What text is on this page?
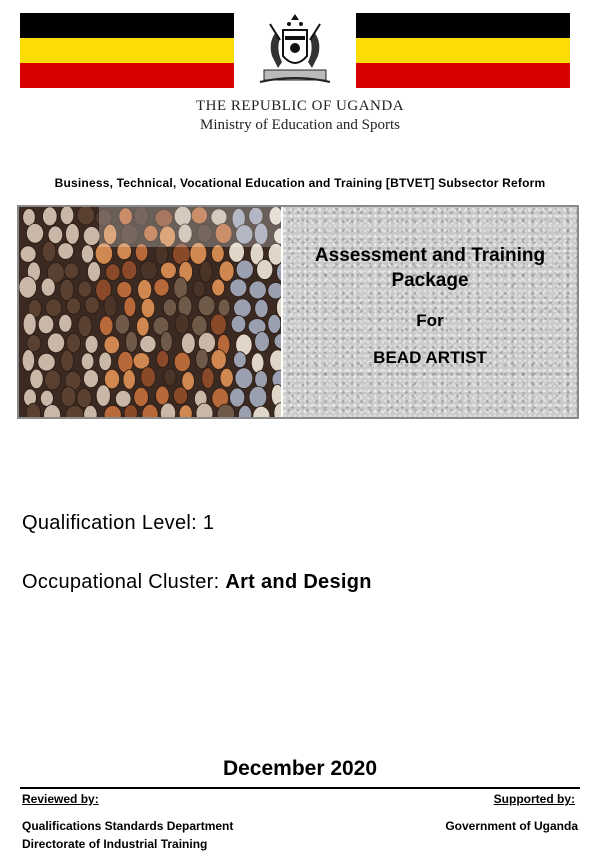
THE REPUBLIC OF UGANDA
Ministry of Education and Sports
Business, Technical, Vocational Education and Training [BTVET] Subsector Reform
Assessment and Training
Package
For
BEAD ARTIST
Qualification Level: 1
Occupational Cluster: Art and Design
December 2020
Reviewed by:	Supported by:
Qualifications Standards Department
Directorate of Industrial Training
Government of Uganda
